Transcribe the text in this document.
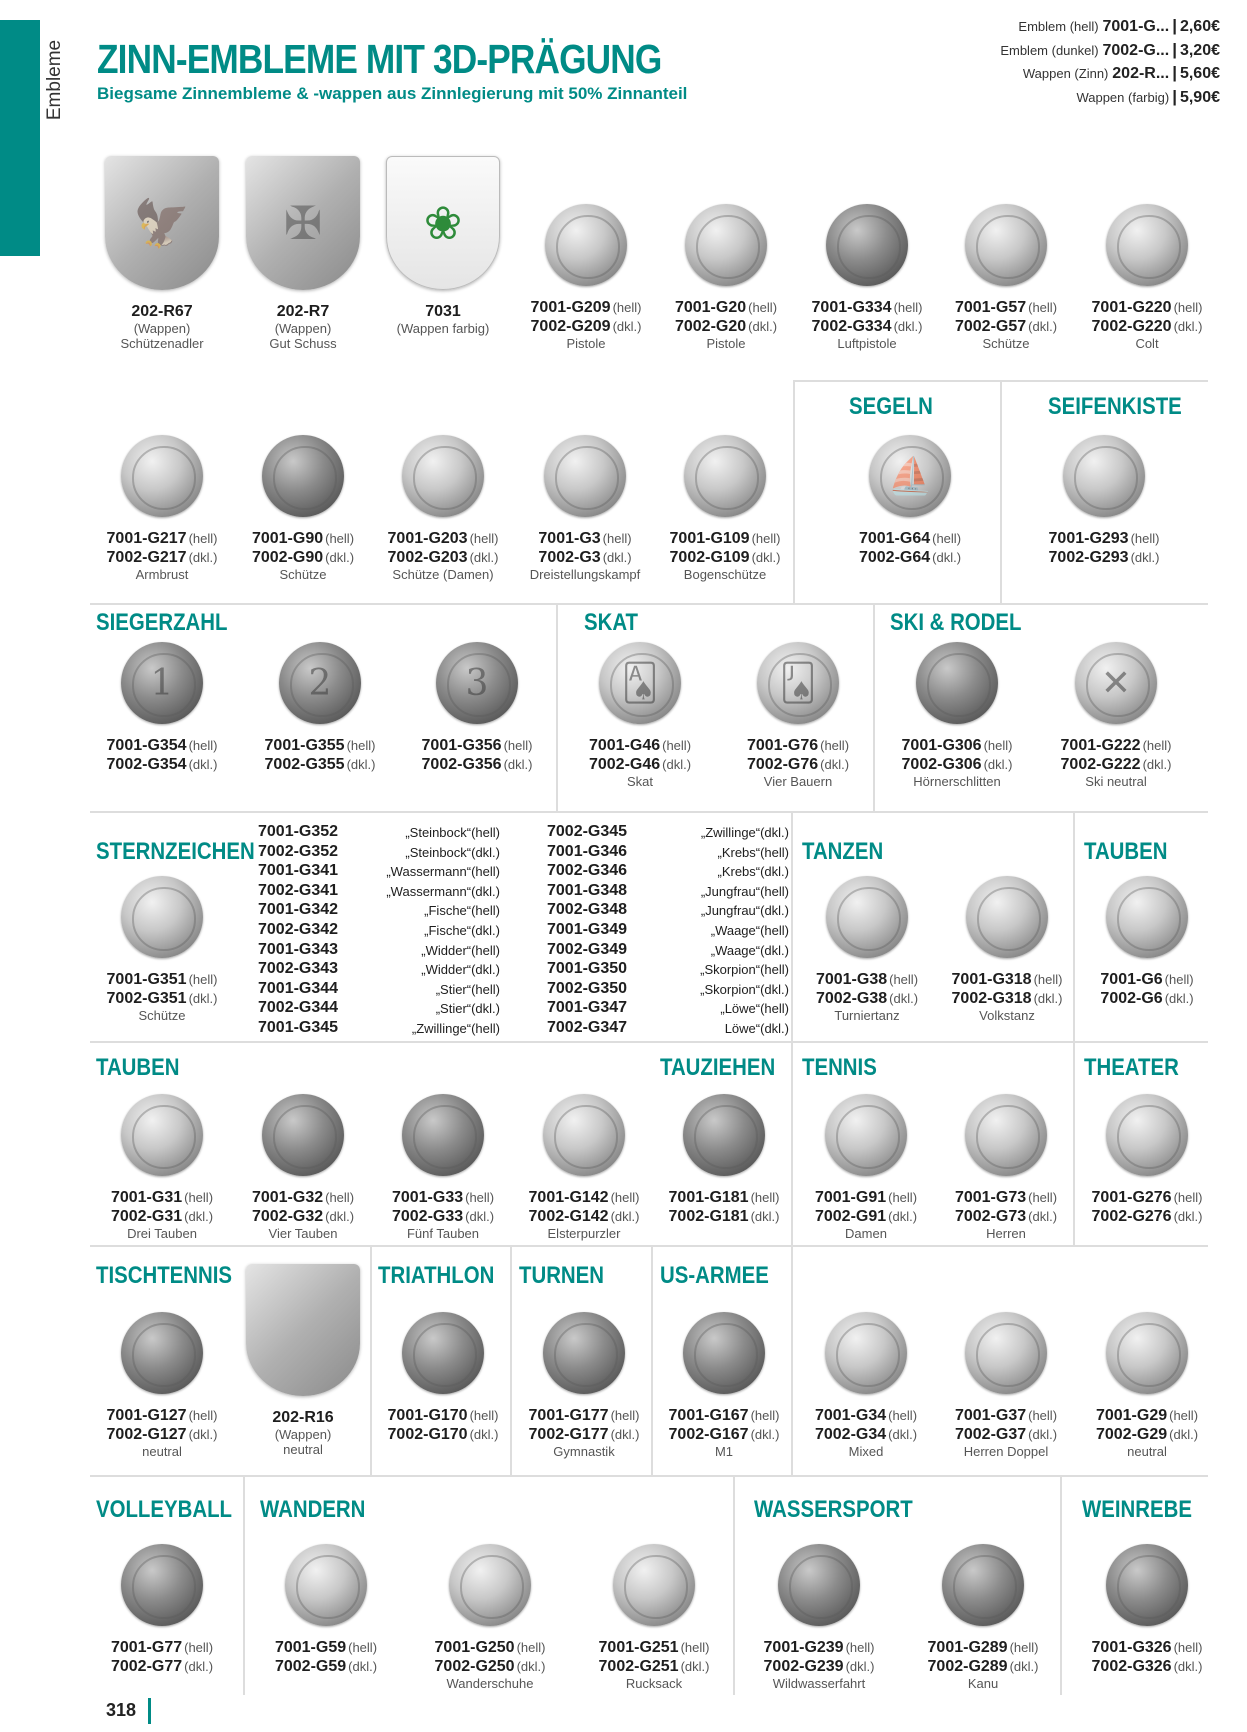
Embleme ZINN-EMBLEME MIT 3D-PRÄGUNG
Biegsame Zinnembleme & -wappen aus Zinnlegierung mit 50% Zinnanteil
Emblem (hell) 7001-G... | 2,60€
Emblem (dunkel) 7002-G... | 3,20€
Wappen (Zinn) 202-R... | 5,60€
Wappen (farbig) | 5,90€
SEGELN	SEIFENKISTE
SIEGERZAHL	SKAT	SKI & RODEL
STERNZEICHEN	TANZEN	TAUBEN
TAUBEN	TAUZIEHEN TENNIS	THEATER
TISCHTENNIS	TRIATHLON TURNEN US-ARMEE
VOLLEYBALL WANDERN	WASSERSPORT	WEINREBE
🦅
202-R67
(Wappen)
Schützenadler
✠
202-R7
(Wappen)
Gut Schuss
❀
7031
(Wappen farbig)
7001-G209 (hell)
7002-G209 (dkl.)
Pistole
7001-G20 (hell)
7002-G20 (dkl.)
Pistole
7001-G334 (hell)
7002-G334 (dkl.)
Luftpistole
7001-G57 (hell)
7002-G57 (dkl.)
Schütze
7001-G220 (hell)
7002-G220 (dkl.)
Colt
7001-G217 (hell)
7002-G217 (dkl.)
Armbrust
7001-G90 (hell)
7002-G90 (dkl.)
Schütze
7001-G203 (hell)
7002-G203 (dkl.)
Schütze (Damen)
7001-G3 (hell)
7002-G3 (dkl.)
Dreistellungskampf
7001-G109 (hell)
7002-G109 (dkl.)
Bogenschütze
⛵
7001-G64 (hell)
7002-G64 (dkl.)
7001-G293 (hell)
7002-G293 (dkl.)
1
7001-G354 (hell)
7002-G354 (dkl.)
2
7001-G355 (hell)
7002-G355 (dkl.)
3
7001-G356 (hell)
7002-G356 (dkl.)
🂡
7001-G46 (hell)
7002-G46 (dkl.)
Skat
🂫
7001-G76 (hell)
7002-G76 (dkl.)
Vier Bauern
7001-G306 (hell)
7002-G306 (dkl.)
Hörnerschlitten
✕
7001-G222 (hell)
7002-G222 (dkl.)
Ski neutral
7001-G351 (hell)
7002-G351 (dkl.)
Schütze
7001-G352	„Steinbock“(hell)
7002-G352	„Steinbock“(dkl.)
7001-G341	„Wassermann“(hell)
7002-G341	„Wassermann“(dkl.)
7001-G342	„Fische“(hell)
7002-G342	„Fische“(dkl.)
7001-G343	„Widder“(hell)
7002-G343	„Widder“(dkl.)
7001-G344	„Stier“(hell)
7002-G344	„Stier“(dkl.)
7001-G345	„Zwillinge“(hell)
7002-G345	„Zwillinge“(dkl.)
7001-G346	„Krebs“(hell)
7002-G346	„Krebs“(dkl.)
7001-G348	„Jungfrau“(hell)
7002-G348	„Jungfrau“(dkl.)
7001-G349	„Waage“(hell)
7002-G349	„Waage“(dkl.)
7001-G350	„Skorpion“(hell)
7002-G350	„Skorpion“(dkl.)
7001-G347	„Löwe“(hell)
7002-G347	Löwe“(dkl.)
7001-G38 (hell)
7002-G38 (dkl.)
Turniertanz
7001-G318 (hell)
7002-G318 (dkl.)
Volkstanz
7001-G6 (hell)
7002-G6 (dkl.)
7001-G31 (hell)
7002-G31 (dkl.)
Drei Tauben
7001-G32 (hell)
7002-G32 (dkl.)
Vier Tauben
7001-G33 (hell)
7002-G33 (dkl.)
Fünf Tauben
7001-G142 (hell)
7002-G142 (dkl.)
Elsterpurzler
7001-G181 (hell)
7002-G181 (dkl.)
7001-G91 (hell)
7002-G91 (dkl.)
Damen
7001-G73 (hell)
7002-G73 (dkl.)
Herren
7001-G276 (hell)
7002-G276 (dkl.)
7001-G127 (hell)
7002-G127 (dkl.)
neutral
202-R16
(Wappen)
neutral
7001-G170 (hell)
7002-G170 (dkl.)
7001-G177 (hell)
7002-G177 (dkl.)
Gymnastik
7001-G167 (hell)
7002-G167 (dkl.)
M1
7001-G34 (hell)
7002-G34 (dkl.)
Mixed
7001-G37 (hell)
7002-G37 (dkl.)
Herren Doppel
7001-G29 (hell)
7002-G29 (dkl.)
neutral
7001-G77 (hell)
7002-G77 (dkl.)
7001-G59 (hell)
7002-G59 (dkl.)
7001-G250 (hell)
7002-G250 (dkl.)
Wanderschuhe
7001-G251 (hell)
7002-G251 (dkl.)
Rucksack
7001-G239 (hell)
7002-G239 (dkl.)
Wildwasserfahrt
7001-G289 (hell)
7002-G289 (dkl.)
Kanu
7001-G326 (hell)
7002-G326 (dkl.)
318
